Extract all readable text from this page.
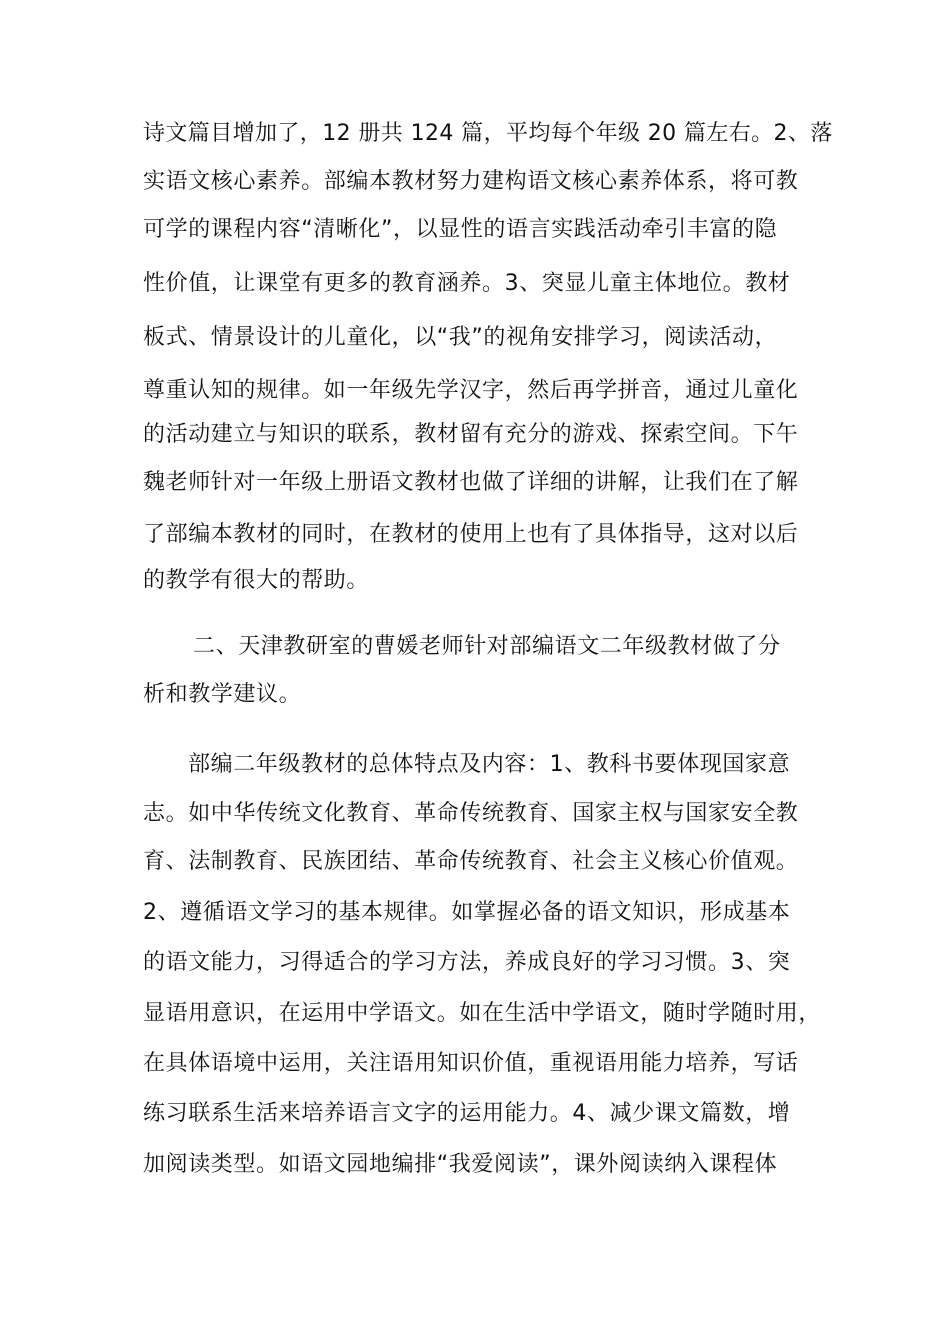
诗文篇目增加了，12 册共 124 篇，平均每个年级 20 篇左右。2、落
实语文核心素养。部编本教材努力建构语文核心素养体系，将可教
可学的课程内容“清晰化”，以显性的语言实践活动牵引丰富的隐
性价值，让课堂有更多的教育涵养。3、突显儿童主体地位。教材
板式、情景设计的儿童化，以“我”的视角安排学习，阅读活动，
尊重认知的规律。如一年级先学汉字，然后再学拼音，通过儿童化
的活动建立与知识的联系，教材留有充分的游戏、探索空间。下午
魏老师针对一年级上册语文教材也做了详细的讲解，让我们在了解
了部编本教材的同时，在教材的使用上也有了具体指导，这对以后
的教学有很大的帮助。
二、天津教研室的曹媛老师针对部编语文二年级教材做了分
析和教学建议。
部编二年级教材的总体特点及内容：1、教科书要体现国家意
志。如中华传统文化教育、革命传统教育、国家主权与国家安全教
育、法制教育、民族团结、革命传统教育、社会主义核心价值观。
2、遵循语文学习的基本规律。如掌握必备的语文知识，形成基本
的语文能力，习得适合的学习方法，养成良好的学习习惯。3、突
显语用意识，在运用中学语文。如在生活中学语文，随时学随时用，
在具体语境中运用，关注语用知识价值，重视语用能力培养，写话
练习联系生活来培养语言文字的运用能力。4、减少课文篇数，增
加阅读类型。如语文园地编排“我爱阅读”，课外阅读纳入课程体
